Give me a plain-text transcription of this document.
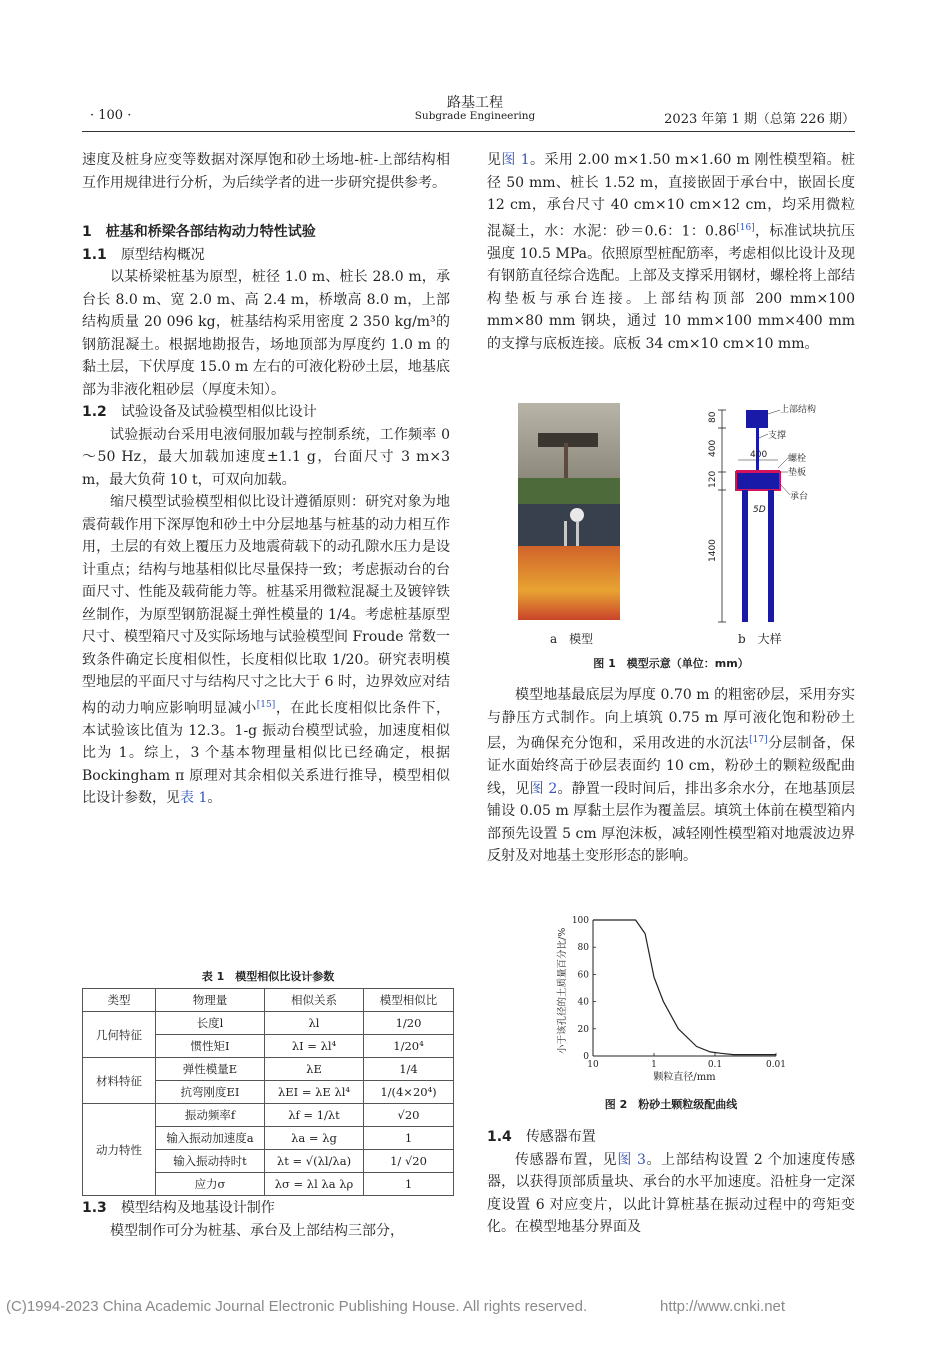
· 100 ·
路基工程
Subgrade Engineering	2023 年第 1 期（总第 226 期）

速度及桩身应变等数据对深厚饱和砂土场地-桩-上部结构相互作用规律进行分析，为后续学者的进一步研究提供参考。

1　桩基和桥梁各部结构动力特性试验

1.1 原型结构概况

以某桥梁桩基为原型，桩径 1.0 m、桩长 28.0 m，承台长 8.0 m、宽 2.0 m、高 2.4 m，桥墩高 8.0 m，上部结构质量 20 096 kg，桩基结构采用密度 2 350 kg/m³的钢筋混凝土。根据地勘报告，场地顶部为厚度约 1.0 m 的黏土层，下伏厚度 15.0 m 左右的可液化粉砂土层，地基底部为非液化粗砂层（厚度未知）。

1.2 试验设备及试验模型相似比设计

试验振动台采用电液伺服加载与控制系统，工作频率 0～50 Hz，最大加载加速度±1.1 g，台面尺寸 3 m×3 m，最大负荷 10 t，可双向加载。

缩尺模型试验模型相似比设计遵循原则：研究对象为地震荷载作用下深厚饱和砂土中分层地基与桩基的动力相互作用，土层的有效上覆压力及地震荷载下的动孔隙水压力是设计重点；结构与地基相似比尽量保持一致；考虑振动台的台面尺寸、性能及载荷能力等。桩基采用微粒混凝土及镀锌铁丝制作，为原型钢筋混凝土弹性模量的 1/4。考虑桩基原型尺寸、模型箱尺寸及实际场地与试验模型间 Froude 常数一致条件确定长度相似性，长度相似比取 1/20。研究表明模型地层的平面尺寸与结构尺寸之比大于 6 时，边界效应对结构的动力响应影响明显减小[15]，在此长度相似比条件下，本试验该比值为 12.3。1-g 振动台模型试验，加速度相似比为 1。综上，3 个基本物理量相似比已经确定，根据 Bockingham π 原理对其余相似关系进行推导，模型相似比设计参数，见表 1。

表 1　模型相似比设计参数
类型	物理量	相似关系	模型相似比
几何特征	长度l	λl	1/20
	惯性矩I	λI = λl⁴	1/20⁴
材料特征	弹性模量E	λE	1/4
	抗弯刚度EI	λEI = λE λl⁴	1/(4×20⁴)
动力特性	振动频率f	λf = 1/λt	√20
	输入振动加速度a	λa = λg	1
	输入振动持时t	λt = √(λl/λa)	1/ √20
	应力σ	λσ = λl λa λρ	1

1.3 模型结构及地基设计制作

模型制作可分为桩基、承台及上部结构三部分，

见图 1。采用 2.00 m×1.50 m×1.60 m 刚性模型箱。桩径 50 mm、桩长 1.52 m，直接嵌固于承台中，嵌固长度 12 cm，承台尺寸 40 cm×10 cm×12 cm，均采用微粒混凝土，水：水泥：砂＝0.6：1：0.86[16]，标准试块抗压强度 10.5 MPa。依照原型桩配筋率，考虑相似比设计及现有钢筋直径综合选配。上部及支撑采用钢材，螺栓将上部结构垫板与承台连接。上部结构顶部 200 mm×100 mm×80 mm 钢块，通过 10 mm×100 mm×400 mm 的支撑与底板连接。底板 34 cm×10 cm×10 mm。

a　模型
80
400
120
1400
400
5D
上部结构
支撑
螺栓
垫板
承台
b　大样
图 1　模型示意（单位：mm）

模型地基最底层为厚度 0.70 m 的粗密砂层，采用夯实与静压方式制作。向上填筑 0.75 m 厚可液化饱和粉砂土层，为确保充分饱和，采用改进的水沉法[17]分层制备，保证水面始终高于砂层表面约 10 cm，粉砂土的颗粒级配曲线，见图 2。静置一段时间后，排出多余水分，在地基顶层铺设 0.05 m 厚黏土层作为覆盖层。填筑土体前在模型箱内部预先设置 5 cm 厚泡沫板，减轻刚性模型箱对地震波边界反射及对地基土变形形态的影响。

小于该孔径的土质量百分比/%
颗粒直径/mm
0
20
40
60
80
100
10	1	0.1	0.01
图 2　粉砂土颗粒级配曲线

1.4 传感器布置

传感器布置，见图 3。上部结构设置 2 个加速度传感器，以获得顶部质量块、承台的水平加速度。沿桩身一定深度设置 6 对应变片，以此计算桩基在振动过程中的弯矩变化。在模型地基分界面及

(C)1994-2023 China Academic Journal Electronic Publishing House. All rights reserved.	http://www.cnki.net
